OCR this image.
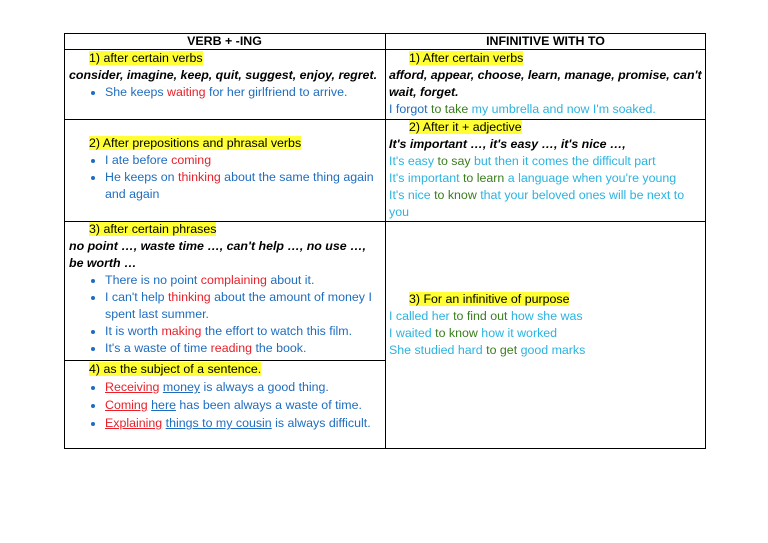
VERB + -ING	INFINITIVE WITH TO

1) after certain verbs

consider, imagine, keep, quit, suggest, enjoy, regret.

• She keeps waiting for her girlfriend to arrive.

2) After prepositions and phrasal verbs

• I ate before coming
• He keeps on thinking about the same thing again and again

3) after certain phrases

no point …, waste time …, can't help …, no use …, be worth …

• There is no point complaining about it.
• I can't help thinking about the amount of money I spent last summer.
• It is worth making the effort to watch this film.
• It's a waste of time reading the book.

4) as the subject of a sentence.

• Receiving money is always a good thing.
• Coming here has been always a waste of time.
• Explaining things to my cousin is always difficult.

1) After certain verbs

afford, appear, choose, learn, manage, promise, can't wait, forget.

I forgot to take my umbrella and now I'm soaked.

2) After it + adjective

It's important …, it's easy …, it's nice …,

It's easy to say but then it comes the difficult part

It's important to learn a language when you're young

It's nice to know that your beloved ones will be next to you

3) For an infinitive of purpose

I called her to find out how she was

I waited to know how it worked

She studied hard to get good marks
